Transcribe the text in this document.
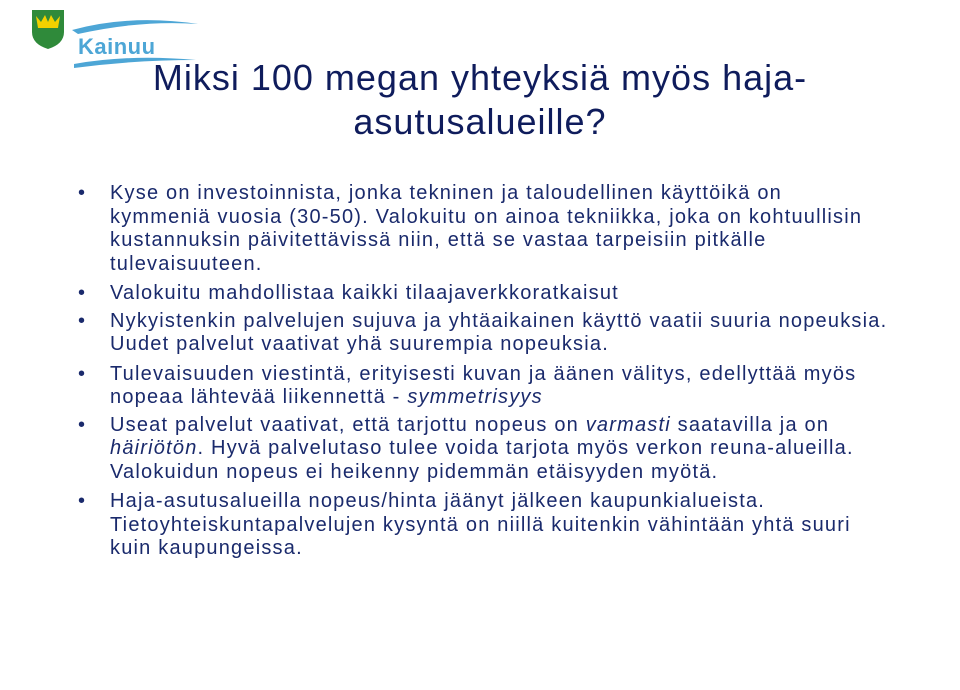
Kainuu
Miksi 100 megan yhteyksiä myös haja-
asutusalueille?
• Kyse on investoinnista, jonka tekninen ja taloudellinen käyttöikä on kymmeniä vuosia (30-50). Valokuitu on ainoa tekniikka, joka on kohtuullisin kustannuksin päivitettävissä niin, että se vastaa tarpeisiin pitkälle tulevaisuuteen.
• Valokuitu mahdollistaa kaikki tilaajaverkkoratkaisut
• Nykyistenkin palvelujen sujuva ja yhtäaikainen käyttö vaatii suuria nopeuksia. Uudet palvelut vaativat yhä suurempia nopeuksia.
• Tulevaisuuden viestintä, erityisesti kuvan ja äänen välitys, edellyttää myös nopeaa lähtevää liikennettä - symmetrisyys
• Useat palvelut vaativat, että tarjottu nopeus on varmasti saatavilla ja on häiriötön. Hyvä palvelutaso tulee voida tarjota myös verkon reuna-alueilla. Valokuidun nopeus ei heikenny pidemmän etäisyyden myötä.
• Haja-asutusalueilla nopeus/hinta jäänyt jälkeen kaupunkialueista. Tietoyhteiskuntapalvelujen kysyntä on niillä kuitenkin vähintään yhtä suuri kuin kaupungeissa.
